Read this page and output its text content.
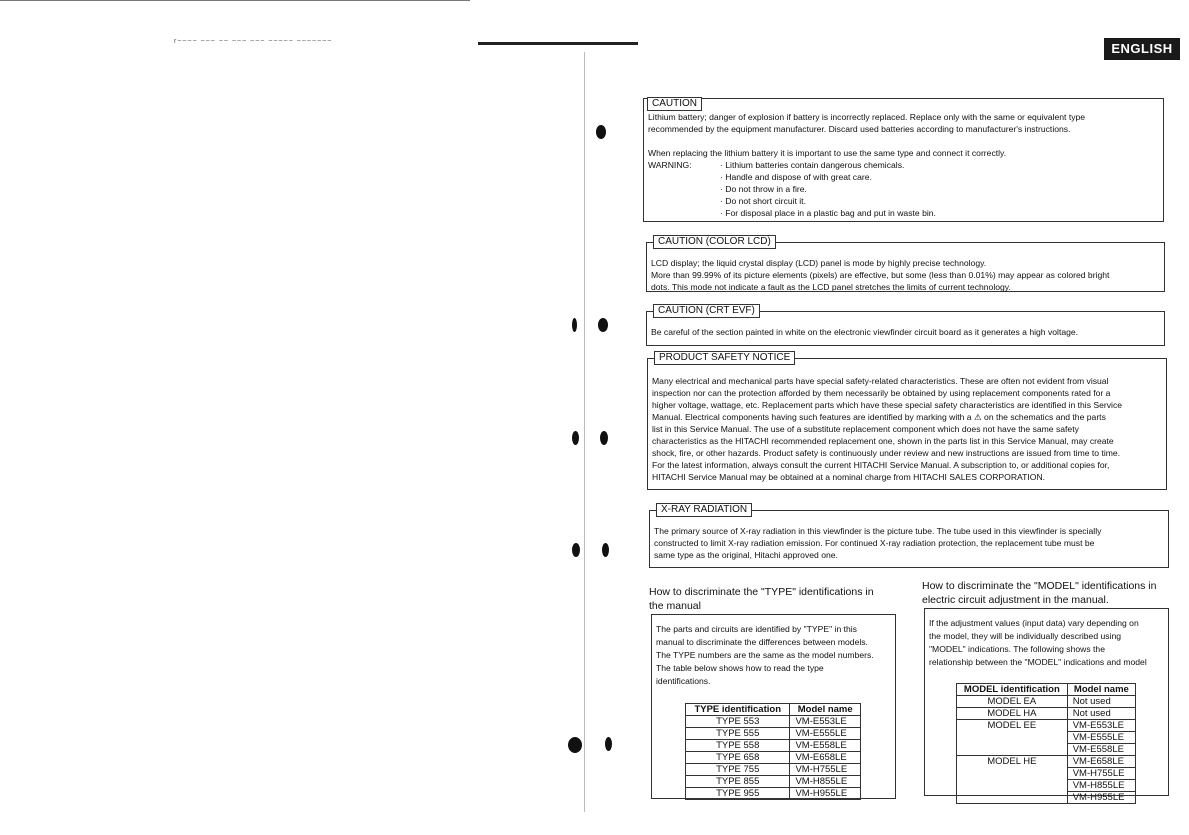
r~~~~ ~~~ ~~ ~~~ ~~~ ~~~~~ ~~~~~~~	ENGLISH
CAUTION
Lithium battery; danger of explosion if battery is incorrectly replaced. Replace only with the same or equivalent type
recommended by the equipment manufacturer. Discard used batteries according to manufacturer's instructions.
When replacing the lithium battery it is important to use the same type and connect it correctly.
WARNING:	· Lithium batteries contain dangerous chemicals.
· Handle and dispose of with great care.
· Do not throw in a fire.
· Do not short circuit it.
· For disposal place in a plastic bag and put in waste bin.
CAUTION (COLOR LCD)
LCD display; the liquid crystal display (LCD) panel is mode by highly precise technology.
More than 99.99% of its picture elements (pixels) are effective, but some (less than 0.01%) may appear as colored bright
dots. This mode not indicate a fault as the LCD panel stretches the limits of current technology.
CAUTION (CRT EVF)
Be careful of the section painted in white on the electronic viewfinder circuit board as it generates a high voltage.
PRODUCT SAFETY NOTICE
Many electrical and mechanical parts have special safety-related characteristics. These are often not evident from visual
inspection nor can the protection afforded by them necessarily be obtained by using replacement components rated for a
higher voltage, wattage, etc. Replacement parts which have these special safety characteristics are identified in this Service
Manual. Electrical components having such features are identified by marking with a ⚠ on the schematics and the parts
list in this Service Manual. The use of a substitute replacement component which does not have the same safety
characteristics as the HITACHI recommended replacement one, shown in the parts list in this Service Manual, may create
shock, fire, or other hazards. Product safety is continuously under review and new instructions are issued from time to time.
For the latest information, always consult the current HITACHI Service Manual. A subscription to, or additional copies for,
HITACHI Service Manual may be obtained at a nominal charge from HITACHI SALES CORPORATION.
X-RAY RADIATION
The primary source of X-ray radiation in this viewfinder is the picture tube. The tube used in this viewfinder is specially
constructed to limit X-ray radiation emission. For continued X-ray radiation protection, the replacement tube must be
same type as the original, Hitachi approved one.
How to discriminate the "TYPE" identifications in
the manual
The parts and circuits are identified by "TYPE" in this
manual to discriminate the differences between models.
The TYPE numbers are the same as the model numbers.
The table below shows how to read the type
identifications.
TYPE identification	Model name
TYPE 553	VM-E553LE
TYPE 555	VM-E555LE
TYPE 558	VM-E558LE
TYPE 658	VM-E658LE
TYPE 755	VM-H755LE
TYPE 855	VM-H855LE
TYPE 955	VM-H955LE
How to discriminate the "MODEL" identifications in
electric circuit adjustment in the manual.
If the adjustment values (input data) vary depending on
the model, they will be individually described using
"MODEL" indications. The following shows the
relationship between the "MODEL" indications and model
MODEL identification	Model name
MODEL EA	Not used
MODEL HA	Not used
MODEL EE	VM-E553LE
	VM-E555LE
	VM-E558LE
MODEL HE	VM-E658LE
	VM-H755LE
	VM-H855LE
	VM-H955LE
